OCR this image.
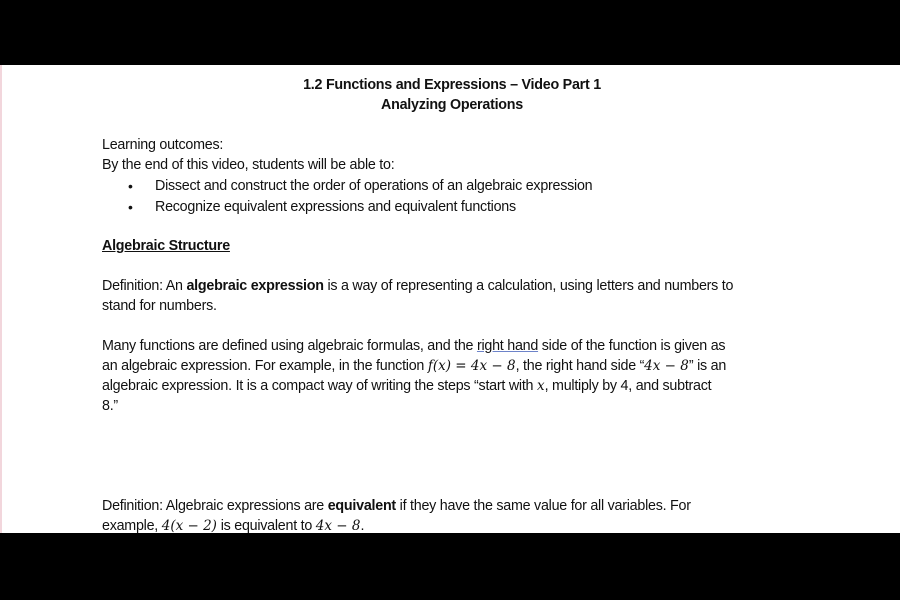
1.2 Functions and Expressions – Video Part 1
Analyzing Operations
Learning outcomes:
By the end of this video, students will be able to:
• Dissect and construct the order of operations of an algebraic expression
• Recognize equivalent expressions and equivalent functions
Algebraic Structure
Definition: An algebraic expression is a way of representing a calculation, using letters and numbers to
stand for numbers.
Many functions are defined using algebraic formulas, and the right hand side of the function is given as
an algebraic expression. For example, in the function f(x) = 4x − 8, the right hand side “4x − 8” is an
algebraic expression. It is a compact way of writing the steps “start with x, multiply by 4, and subtract
8.”
Definition: Algebraic expressions are equivalent if they have the same value for all variables. For
example, 4(x − 2) is equivalent to 4x − 8.
